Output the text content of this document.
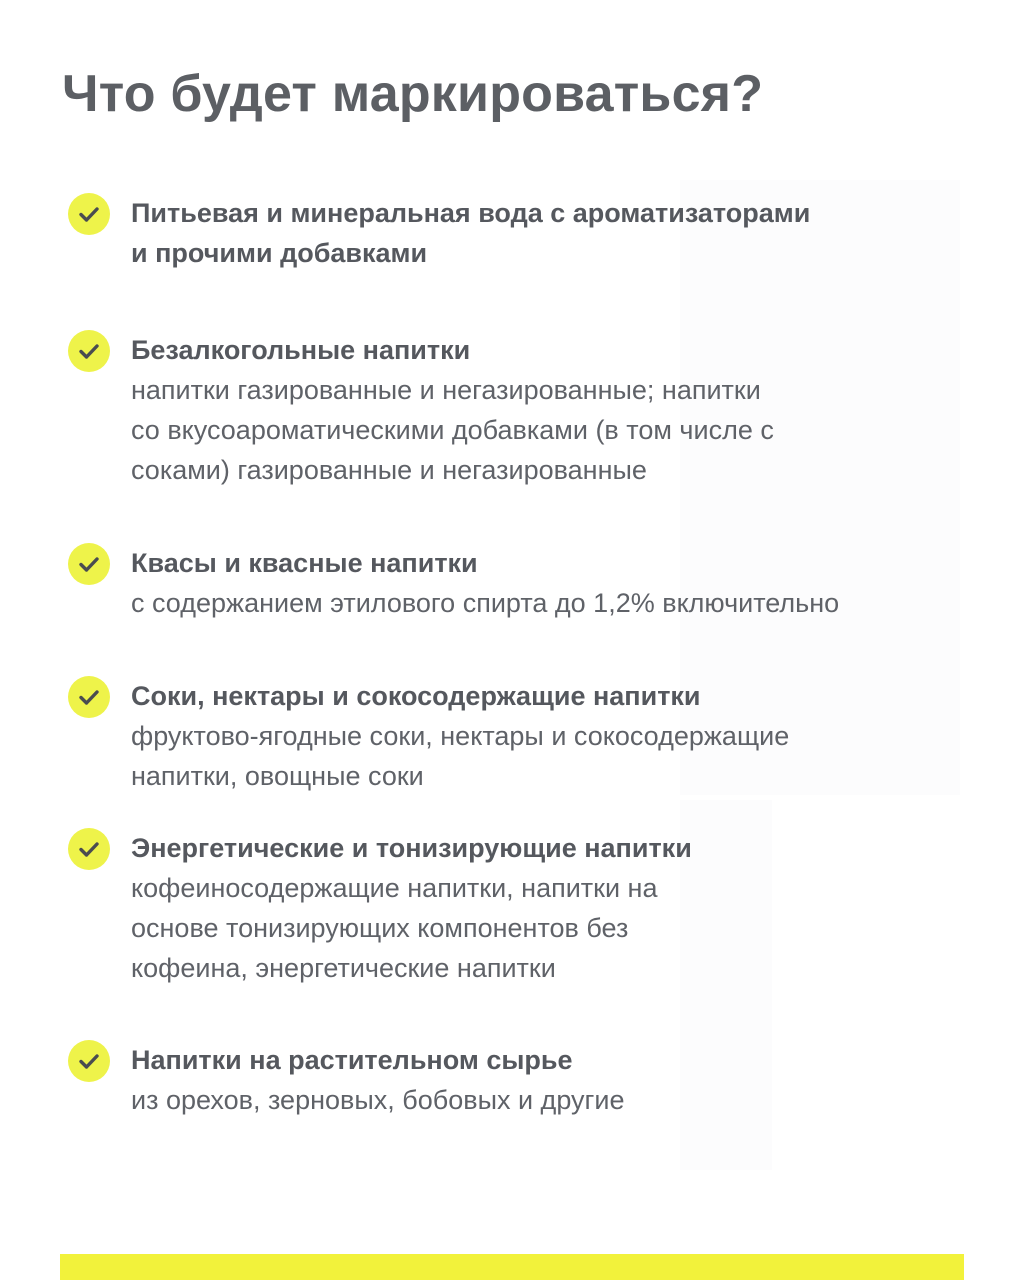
Что будет маркироваться?
Питьевая и минеральная вода с ароматизаторами
и прочими добавками
Безалкогольные напитки
напитки газированные и негазированные; напитки
со вкусоароматическими добавками (в том числе с
соками) газированные и негазированные
Квасы и квасные напитки
с содержанием этилового спирта до 1,2% включительно
Соки, нектары и сокосодержащие напитки
фруктово-ягодные соки, нектары и сокосодержащие
напитки, овощные соки
Энергетические и тонизирующие напитки
кофеиносодержащие напитки, напитки на
основе тонизирующих компонентов без
кофеина, энергетические напитки
Напитки на растительном сырье
из орехов, зерновых, бобовых и другие
